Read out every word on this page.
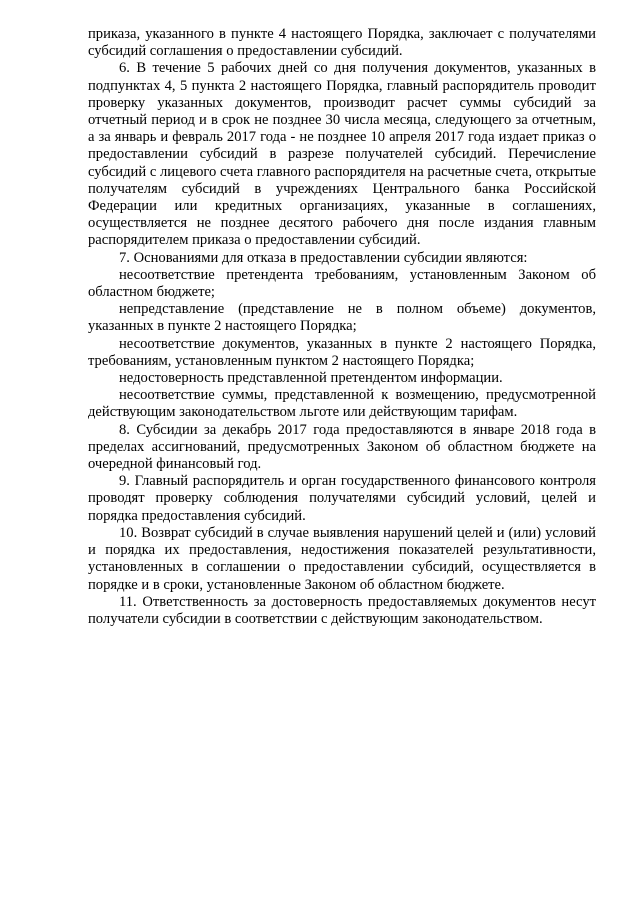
приказа, указанного в пункте 4 настоящего Порядка, заключает с получателями субсидий соглашения о предоставлении субсидий.

6. В течение 5 рабочих дней со дня получения документов, указанных в подпунктах 4, 5 пункта 2 настоящего Порядка, главный распорядитель проводит проверку указанных документов, производит расчет суммы субсидий за отчетный период и в срок не позднее 30 числа месяца, следующего за отчетным, а за январь и февраль 2017 года - не позднее 10 апреля 2017 года издает приказ о предоставлении субсидий в разрезе получателей субсидий. Перечисление субсидий с лицевого счета главного распорядителя на расчетные счета, открытые получателям субсидий в учреждениях Центрального банка Российской Федерации или кредитных организациях, указанные в соглашениях, осуществляется не позднее десятого рабочего дня после издания главным распорядителем приказа о предоставлении субсидий.

7. Основаниями для отказа в предоставлении субсидии являются:

несоответствие претендента требованиям, установленным Законом об областном бюджете;

непредставление (представление не в полном объеме) документов, указанных в пункте 2 настоящего Порядка;

несоответствие документов, указанных в пункте 2 настоящего Порядка, требованиям, установленным пунктом 2 настоящего Порядка;

недостоверность представленной претендентом информации.

несоответствие суммы, представленной к возмещению, предусмотренной действующим законодательством льготе или действующим тарифам.

8. Субсидии за декабрь 2017 года предоставляются в январе 2018 года в пределах ассигнований, предусмотренных Законом об областном бюджете на очередной финансовый год.

9. Главный распорядитель и орган государственного финансового контроля проводят проверку соблюдения получателями субсидий условий, целей и порядка предоставления субсидий.

10. Возврат субсидий в случае выявления нарушений целей и (или) условий и порядка их предоставления, недостижения показателей результативности, установленных в соглашении о предоставлении субсидий, осуществляется в порядке и в сроки, установленные Законом об областном бюджете.

11. Ответственность за достоверность предоставляемых документов несут получатели субсидии в соответствии с действующим законодательством.
